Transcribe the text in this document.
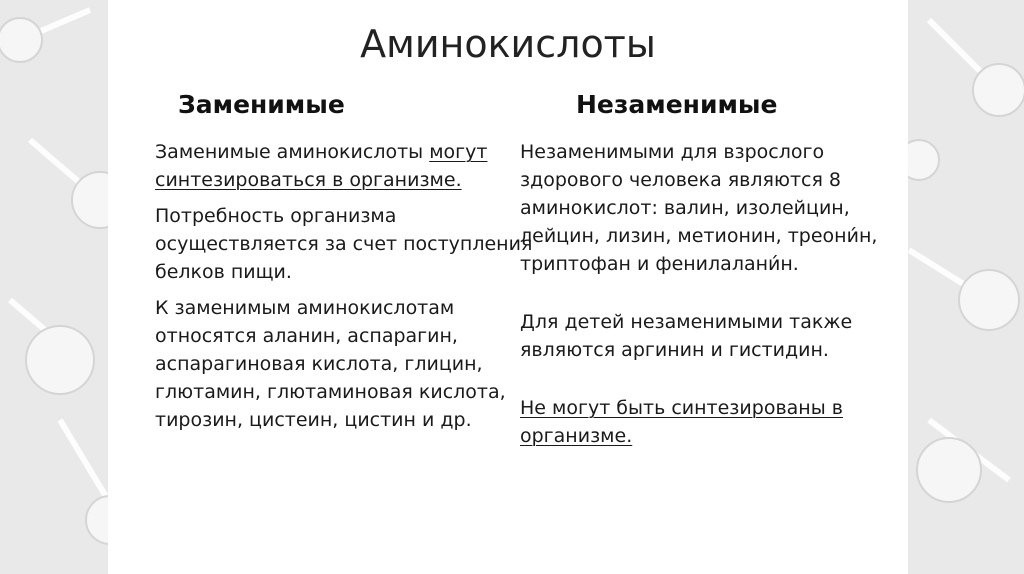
Аминокислоты
Заменимые	Незаменимые

Заменимые аминокислоты могут синтезироваться в организме.

Потребность организма осуществляется за счет поступления белков пищи.

К заменимым аминокислотам относятся аланин, аспарагин, аспарагиновая кислота, глицин, глютамин, глютаминовая кислота, тирозин, цистеин, цистин и др.

Незаменимыми для взрослого здорового человека являются 8 аминокислот: валин, изолейцин, лейцин, лизин, метионин, треони́н, триптофан и фенилалани́н.

Для детей незаменимыми также являются аргинин и гистидин.

Не могут быть синтезированы в организме.
